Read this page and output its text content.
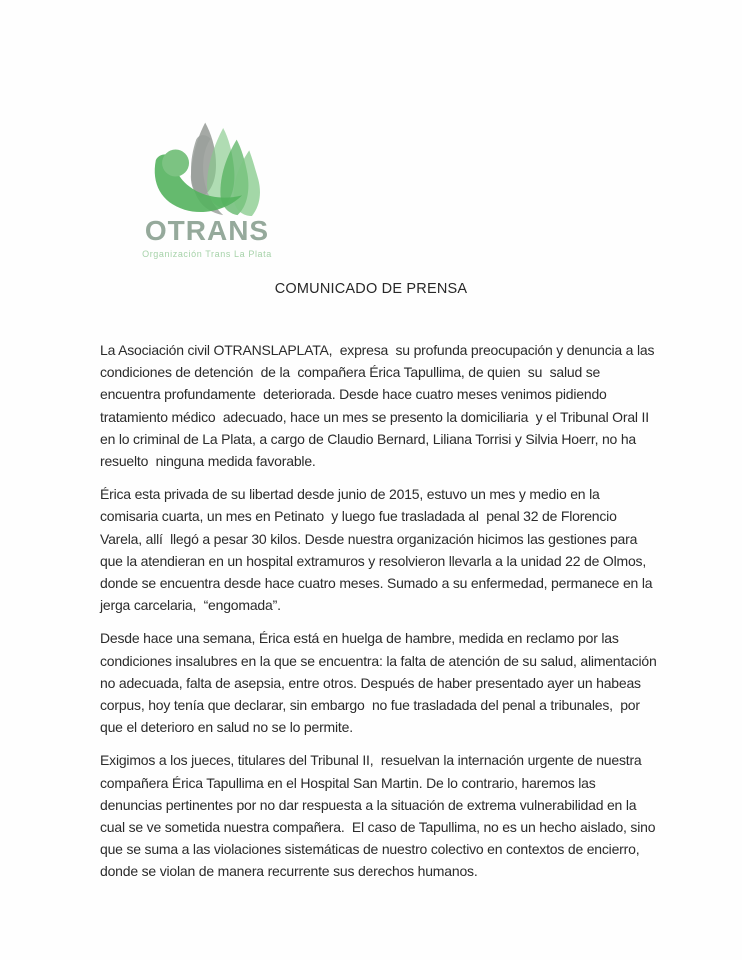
OTRANS
Organización Trans La Plata
COMUNICADO DE PRENSA

La Asociación civil OTRANSLAPLATA,  expresa  su profunda preocupación y denuncia a las condiciones de detención  de la  compañera Érica Tapullima, de quien  su  salud se encuentra profundamente  deteriorada. Desde hace cuatro meses venimos pidiendo tratamiento médico  adecuado, hace un mes se presento la domiciliaria  y el Tribunal Oral II en lo criminal de La Plata, a cargo de Claudio Bernard, Liliana Torrisi y Silvia Hoerr, no ha resuelto  ninguna medida favorable.

Érica esta privada de su libertad desde junio de 2015, estuvo un mes y medio en la comisaria cuarta, un mes en Petinato  y luego fue trasladada al  penal 32 de Florencio Varela, allí  llegó a pesar 30 kilos. Desde nuestra organización hicimos las gestiones para que la atendieran en un hospital extramuros y resolvieron llevarla a la unidad 22 de Olmos, donde se encuentra desde hace cuatro meses. Sumado a su enfermedad, permanece en la jerga carcelaria,  “engomada”.

Desde hace una semana, Érica está en huelga de hambre, medida en reclamo por las condiciones insalubres en la que se encuentra: la falta de atención de su salud, alimentación no adecuada, falta de asepsia, entre otros. Después de haber presentado ayer un habeas corpus, hoy tenía que declarar, sin embargo  no fue trasladada del penal a tribunales,  por que el deterioro en salud no se lo permite.

Exigimos a los jueces, titulares del Tribunal II,  resuelvan la internación urgente de nuestra compañera Érica Tapullima en el Hospital San Martin. De lo contrario, haremos las denuncias pertinentes por no dar respuesta a la situación de extrema vulnerabilidad en la cual se ve sometida nuestra compañera.  El caso de Tapullima, no es un hecho aislado, sino que se suma a las violaciones sistemáticas de nuestro colectivo en contextos de encierro, donde se violan de manera recurrente sus derechos humanos.
